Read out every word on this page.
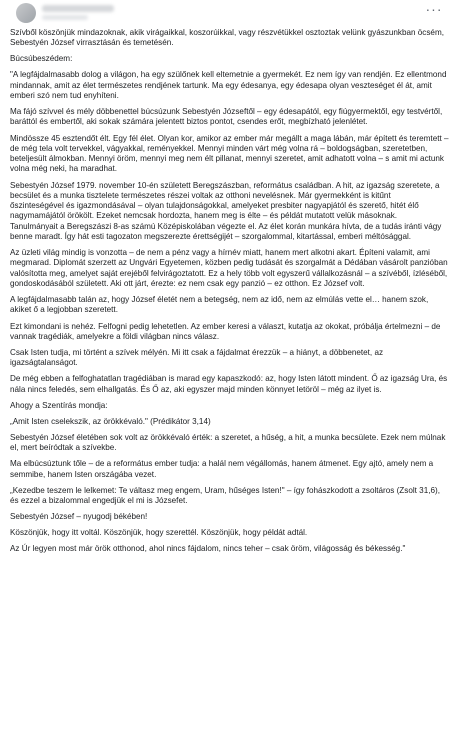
···

Szívből köszönjük mindazoknak, akik virágaikkal, koszorúikkal, vagy részvétükkel osztoztak velünk gyászunkban öcsém, Sebestyén József virrasztásán és temetésén.

Búcsúbeszédem:

"A legfájdalmasabb dolog a világon, ha egy szülőnek kell eltemetnie a gyermekét. Ez nem így van rendjén. Ez ellentmond mindannak, amit az élet természetes rendjének tartunk. Ma egy édesanya, egy édesapa olyan veszteséget él át, amit emberi szó nem tud enyhíteni.

Ma fájó szívvel és mély döbbenettel búcsúzunk Sebestyén Józseftől – egy édesapától, egy fiúgyermektől, egy testvértől, baráttól és embertől, aki sokak számára jelentett biztos pontot, csendes erőt, megbízható jelenlétet.

Mindössze 45 esztendőt élt. Egy fél élet. Olyan kor, amikor az ember már megállt a maga lábán, már épített és teremtett – de még tela volt tervekkel, vágyakkal, reményekkel. Mennyi minden várt még volna rá – boldogságban, szeretetben, beteljesült álmokban. Mennyi öröm, mennyi meg nem élt pillanat, mennyi szeretet, amit adhatott volna – s amit mi actunk volna még neki, ha maradhat.

Sebestyén József 1979. november 10-én született Beregszászban, református családban. A hit, az igazság szeretete, a becsület és a munka tisztelete természetes részei voltak az otthoni nevelésnek. Már gyermekként is kitűnt

őszinteségével és igazmondásával – olyan tulajdonságokkal, amelyeket presbiter nagyapjától és szerető, hitét élő nagymamájától örökölt. Ezeket nemcsak hordozta, hanem meg is élte – és példát mutatott velük másoknak.

Tanulmányait a Beregszászi 8-as számú Középiskolában végezte el. Az élet korán munkára hívta, de a tudás iránti vágy benne maradt. Így hát esti tagozaton megszerezte érettségijét – szorgalommal, kitartással, emberi méltósággal.

Az üzleti világ mindig is vonzotta – de nem a pénz vagy a hírnév miatt, hanem mert alkotni akart. Építeni valamit, ami megmarad. Diplomát szerzett az Ungvári Egyetemen, közben pedig tudását és szorgalmát a Dédában vásárolt panzióban valósította meg, amelyet saját erejéből felvirágoztatott. Ez a hely több volt egyszerű vállalkozásnál – a szívéből, ízléséből, gondoskodásából született. Aki ott járt, érezte: ez nem csak egy panzió – ez otthon. Ez József volt.

A legfájdalmasabb talán az, hogy József életét nem a betegség, nem az idő, nem az elmúlás vette el… hanem szok, akiket ő a legjobban szeretett.

Ezt kimondani is nehéz. Felfogni pedig lehetetlen. Az ember keresi a választ, kutatja az okokat, próbálja értelmezni – de vannak tragédiák, amelyekre a földi világban nincs válasz.

Csak Isten tudja, mi történt a szívek mélyén. Mi itt csak a fájdalmat érezzük – a hiányt, a döbbenetet, az igazságtalanságot.

De még ebben a felfoghatatlan tragédiában is marad egy kapaszkodó: az, hogy Isten látott mindent. Ő az igazság Ura, és nála nincs feledés, sem elhallgatás. És Ő az, aki egyszer majd minden könnyet letöröl – még az ilyet is.

Ahogy a Szentírás mondja:

„Amit Isten cselekszik, az örökkévaló." (Prédikátor 3,14)

Sebestyén József életében sok volt az örökkévaló érték: a szeretet, a hűség, a hit, a munka becsülete. Ezek nem múlnak el, mert beíródtak a szívekbe.

Ma elbúcsúztunk tőle – de a református ember tudja: a halál nem végállomás, hanem átmenet. Egy ajtó, amely nem a semmibe, hanem Isten országába vezet.

„Kezedbe teszem le lelkemet: Te váltasz meg engem, Uram, hűséges Isten!" – így fohászkodott a zsoltáros (Zsolt 31,6), és ezzel a bizalommal engedjük el mi is Józsefet.

Sebestyén József – nyugodj békében!

Köszönjük, hogy itt voltál. Köszönjük, hogy szerettél. Köszönjük, hogy példát adtál.

Az Úr legyen most már örök otthonod, ahol nincs fájdalom, nincs teher – csak öröm, világosság és békesség."
